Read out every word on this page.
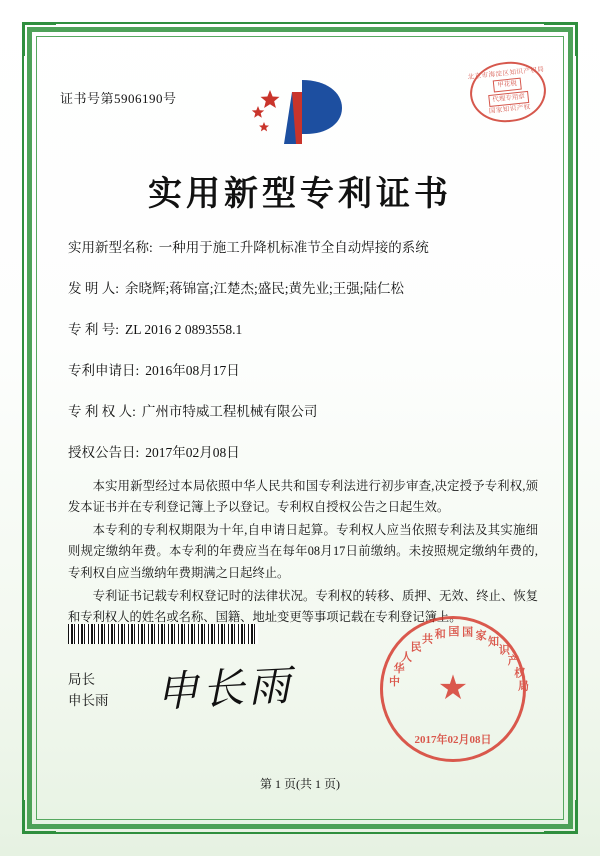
证书号第5906190号
北京市海淀区知识产权局
甲花税
代理专用章
国家知识产权
实用新型专利证书
实用新型名称: 一种用于施工升降机标准节全自动焊接的系统
发 明 人: 余晓辉;蒋锦富;江楚杰;盛民;黄先业;王强;陆仁松
专 利 号: ZL 2016 2 0893558.1
专利申请日: 2016年08月17日
专 利 权 人: 广州市特威工程机械有限公司
授权公告日: 2017年02月08日

本实用新型经过本局依照中华人民共和国专利法进行初步审查,决定授予专利权,颁发本证书并在专利登记簿上予以登记。专利权自授权公告之日起生效。

本专利的专利权期限为十年,自申请日起算。专利权人应当依照专利法及其实施细则规定缴纳年费。本专利的年费应当在每年08月17日前缴纳。未按照规定缴纳年费的,专利权自应当缴纳年费期满之日起终止。

专利证书记载专利权登记时的法律状况。专利权的转移、质押、无效、终止、恢复和专利权人的姓名或名称、国籍、地址变更等事项记载在专利登记簿上。

局长
申长雨 申长雨	中
华
人
民
共 和 国 国 家
知
识
产
权
局
★
2017年02月08日
第 1 页(共 1 页)
